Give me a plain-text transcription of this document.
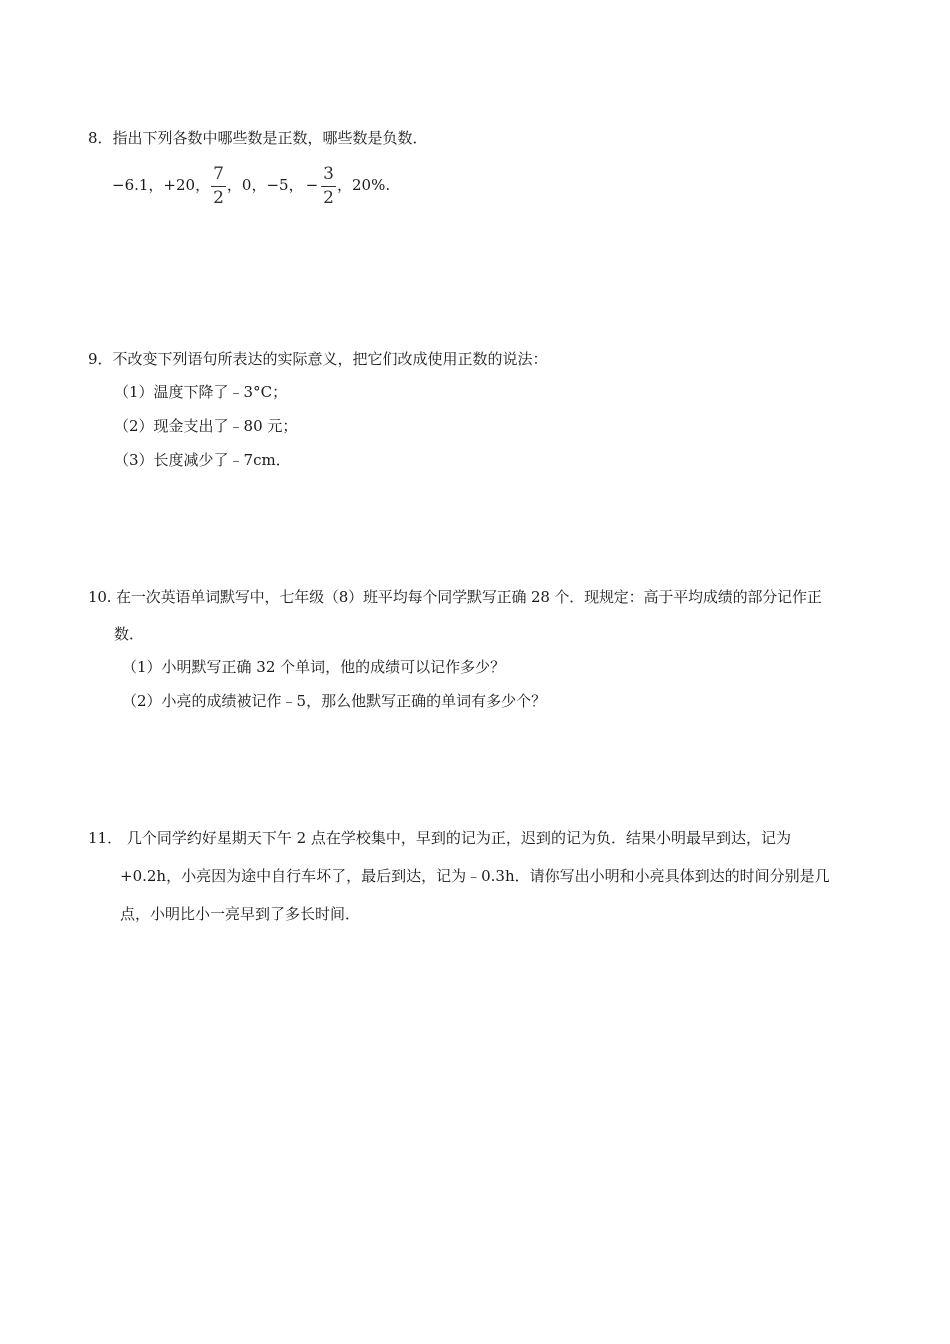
8．指出下列各数中哪些数是正数，哪些数是负数．
−6.1，+20， $\frac{7}{2}$ ，0，−5， − $\frac{3}{2}$ ，20%.
9．不改变下列语句所表达的实际意义，把它们改成使用正数的说法：
（1）温度下降了﹣3°C；
（2）现金支出了﹣80 元；
（3）长度减少了﹣7cm．
10. 在一次英语单词默写中，七年级（8）班平均每个同学默写正确 28 个．现规定：高于平均成绩的部分记作正
数．
（1）小明默写正确 32 个单词，他的成绩可以记作多少？
（2）小亮的成绩被记作﹣5，那么他默写正确的单词有多少个？
11． 几个同学约好星期天下午 2 点在学校集中，早到的记为正，迟到的记为负．结果小明最早到达，记为
+0.2h，小亮因为途中自行车坏了，最后到达，记为﹣0.3h．请你写出小明和小亮具体到达的时间分别是几
点，小明比小一亮早到了多长时间．
